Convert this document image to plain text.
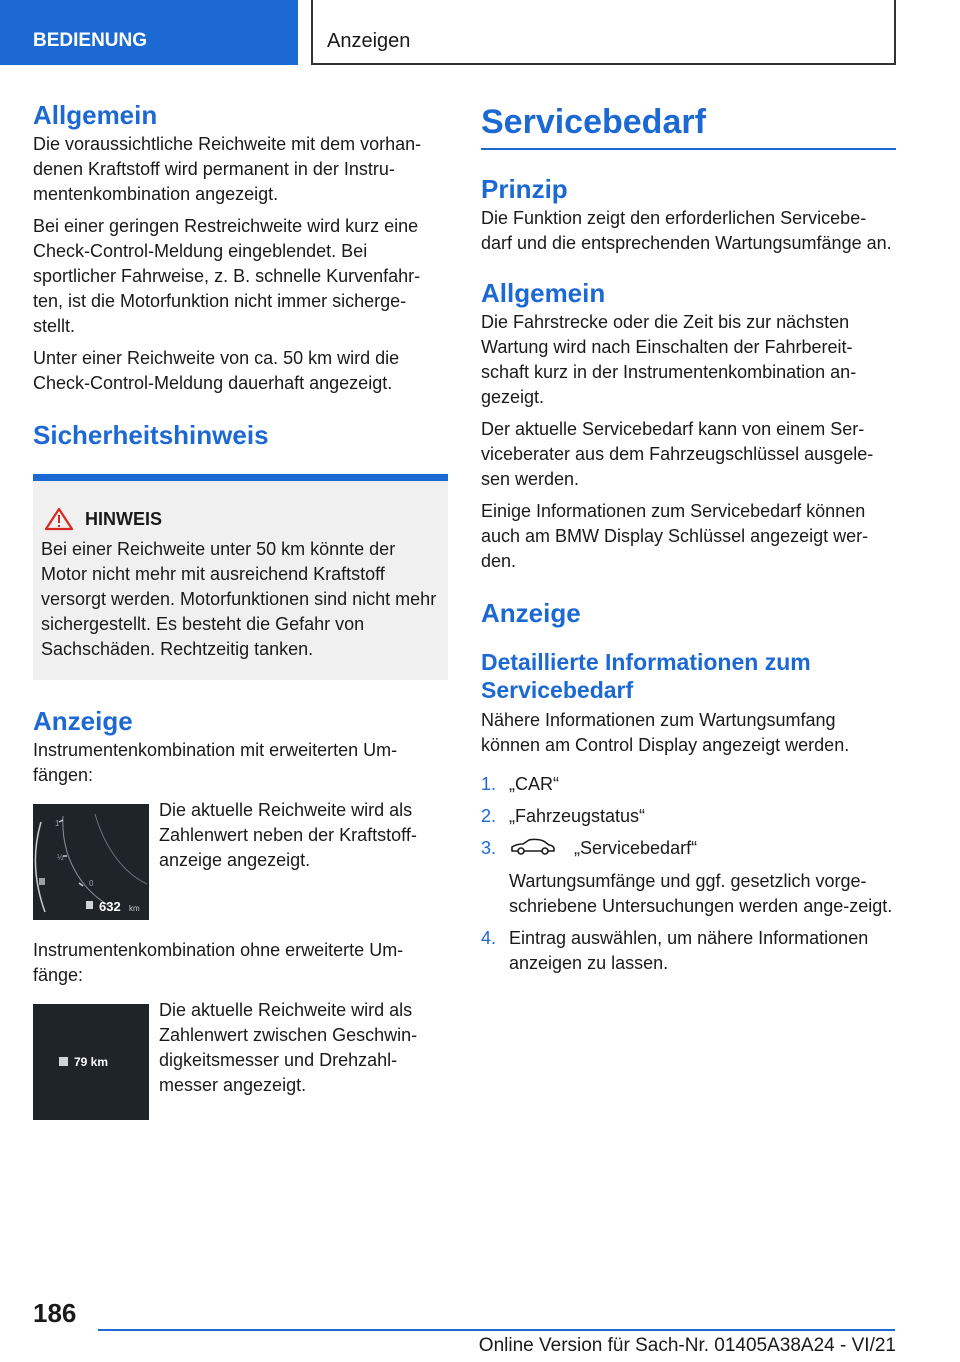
BEDIENUNG	Anzeigen
Allgemein

Die voraussichtliche Reichweite mit dem vorhan-denen Kraftstoff wird permanent in der Instru-mentenkombination angezeigt.

Bei einer geringen Restreichweite wird kurz eine Check-Control-Meldung eingeblendet. Bei sportlicher Fahrweise, z. B. schnelle Kurvenfahr-ten, ist die Motorfunktion nicht immer sicherge-stellt.

Unter einer Reichweite von ca. 50 km wird die Check-Control-Meldung dauerhaft angezeigt.

Sicherheitshinweis
HINWEIS

Bei einer Reichweite unter 50 km könnte der Motor nicht mehr mit ausreichend Kraftstoff versorgt werden. Motorfunktionen sind nicht mehr sichergestellt. Es besteht die Gefahr von Sachschäden. Rechtzeitig tanken.

Anzeige

Instrumentenkombination mit erweiterten Um-fängen:

1
½
0
632 km

Die aktuelle Reichweite wird als Zahlenwert neben der Kraftstoff-anzeige angezeigt.

Instrumentenkombination ohne erweiterte Um-fänge:

79 km

Die aktuelle Reichweite wird als Zahlenwert zwischen Geschwin-digkeitsmesser und Drehzahl-messer angezeigt.

Servicebedarf
Prinzip

Die Funktion zeigt den erforderlichen Servicebe-darf und die entsprechenden Wartungsumfänge an.

Allgemein

Die Fahrstrecke oder die Zeit bis zur nächsten Wartung wird nach Einschalten der Fahrbereit-schaft kurz in der Instrumentenkombination an-gezeigt.

Der aktuelle Servicebedarf kann von einem Ser-viceberater aus dem Fahrzeugschlüssel ausgele-sen werden.

Einige Informationen zum Servicebedarf können auch am BMW Display Schlüssel angezeigt wer-den.

Anzeige
Detaillierte Informationen zum Servicebedarf

Nähere Informationen zum Wartungsumfang können am Control Display angezeigt werden.

1. „CAR“
2. „Fahrzeugstatus“
3.	„Servicebedarf“

Wartungsumfänge und ggf. gesetzlich vorge-schriebene Untersuchungen werden ange-zeigt.

4. Eintrag auswählen, um nähere Informationen anzeigen zu lassen.
186
Online Version für Sach-Nr. 01405A38A24 - VI/21
